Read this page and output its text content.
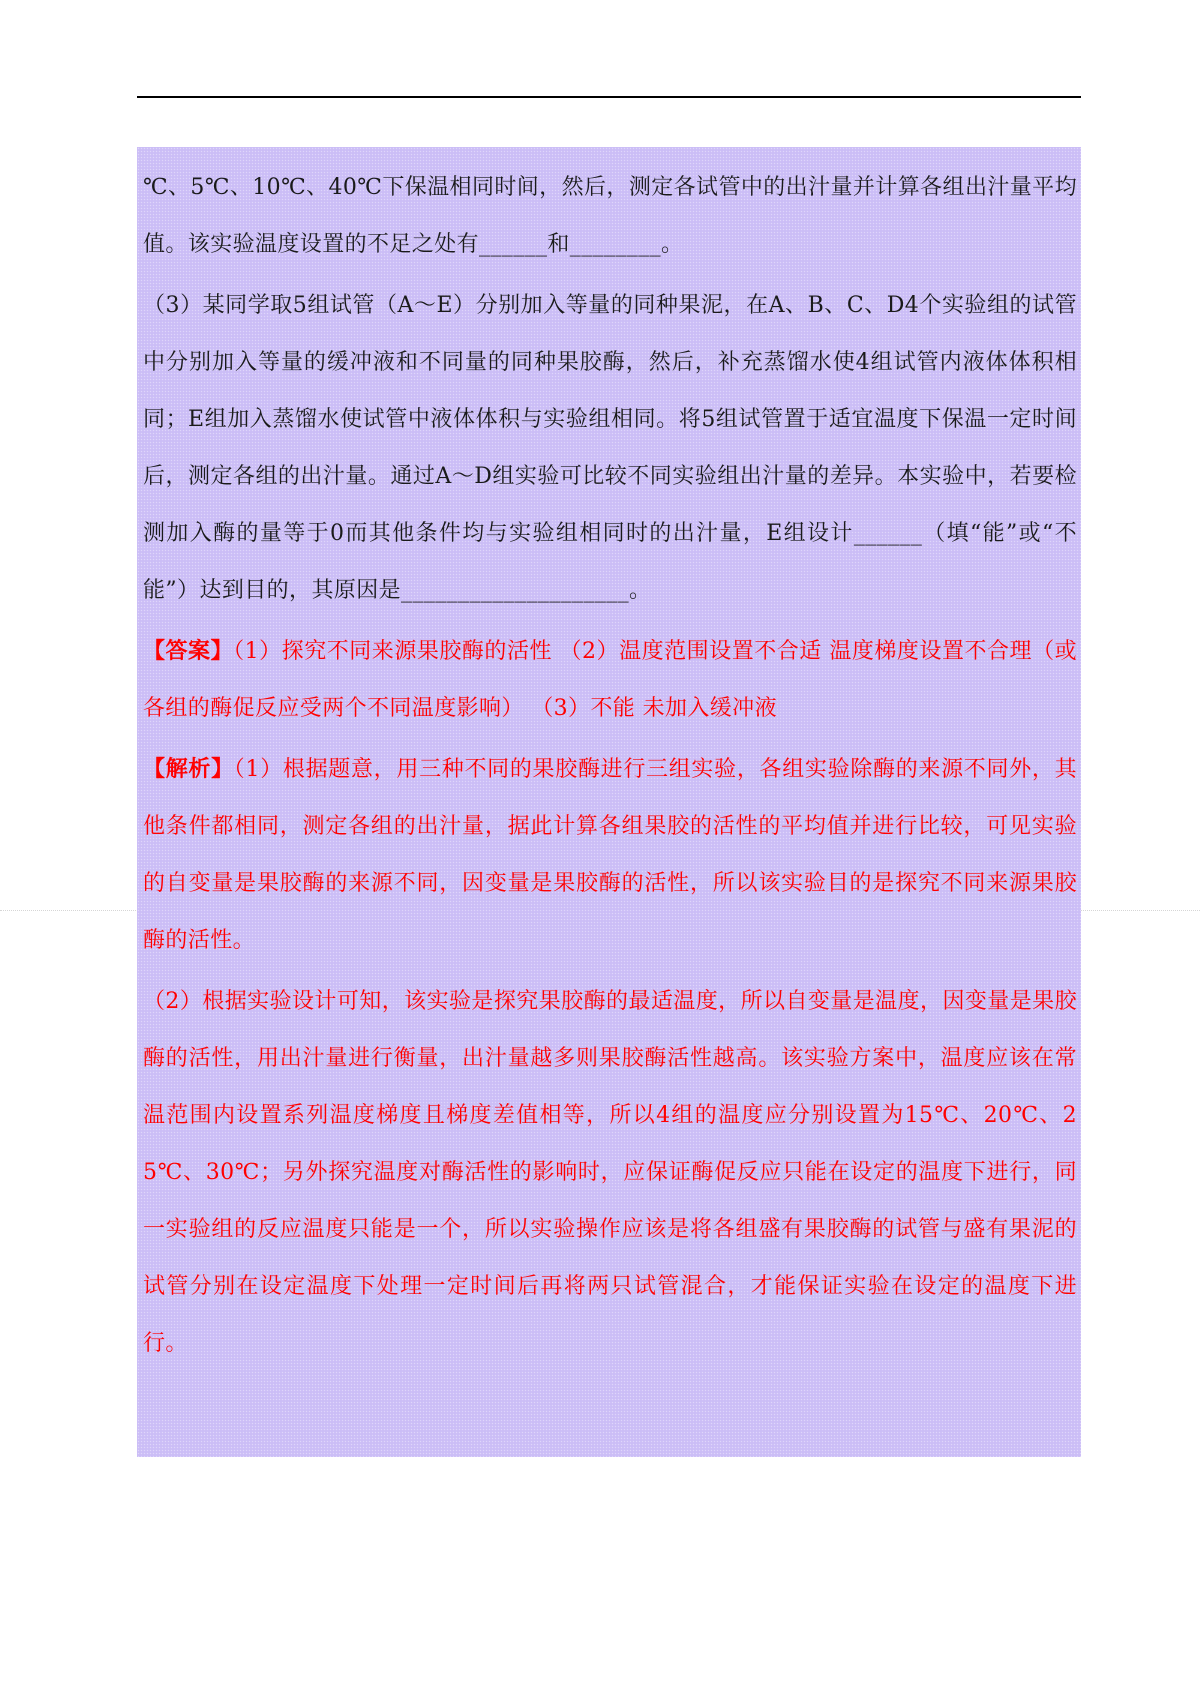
℃、5℃、10℃、40℃下保温相同时间，然后，测定各试管中的出汁量并计算各组出汁量平均值。该实验温度设置的不足之处有______和________。

（3）某同学取5组试管（A～E）分别加入等量的同种果泥，在A、B、C、D4个实验组的试管中分别加入等量的缓冲液和不同量的同种果胶酶，然后，补充蒸馏水使4组试管内液体体积相同；E组加入蒸馏水使试管中液体体积与实验组相同。将5组试管置于适宜温度下保温一定时间后，测定各组的出汁量。通过A～D组实验可比较不同实验组出汁量的差异。本实验中，若要检测加入酶的量等于0而其他条件均与实验组相同时的出汁量，E组设计______（填“能”或“不能”）达到目的，其原因是____________________。

【答案】（1）探究不同来源果胶酶的活性 （2）温度范围设置不合适 温度梯度设置不合理（或各组的酶促反应受两个不同温度影响） （3）不能 未加入缓冲液

【解析】（1）根据题意，用三种不同的果胶酶进行三组实验，各组实验除酶的来源不同外，其他条件都相同，测定各组的出汁量，据此计算各组果胶的活性的平均值并进行比较，可见实验的自变量是果胶酶的来源不同，因变量是果胶酶的活性，所以该实验目的是探究不同来源果胶酶的活性。

（2）根据实验设计可知，该实验是探究果胶酶的最适温度，所以自变量是温度，因变量是果胶酶的活性，用出汁量进行衡量，出汁量越多则果胶酶活性越高。该实验方案中，温度应该在常温范围内设置系列温度梯度且梯度差值相等，所以4组的温度应分别设置为15℃、20℃、25℃、30℃；另外探究温度对酶活性的影响时，应保证酶促反应只能在设定的温度下进行，同一实验组的反应温度只能是一个，所以实验操作应该是将各组盛有果胶酶的试管与盛有果泥的试管分别在设定温度下处理一定时间后再将两只试管混合，才能保证实验在设定的温度下进行。
